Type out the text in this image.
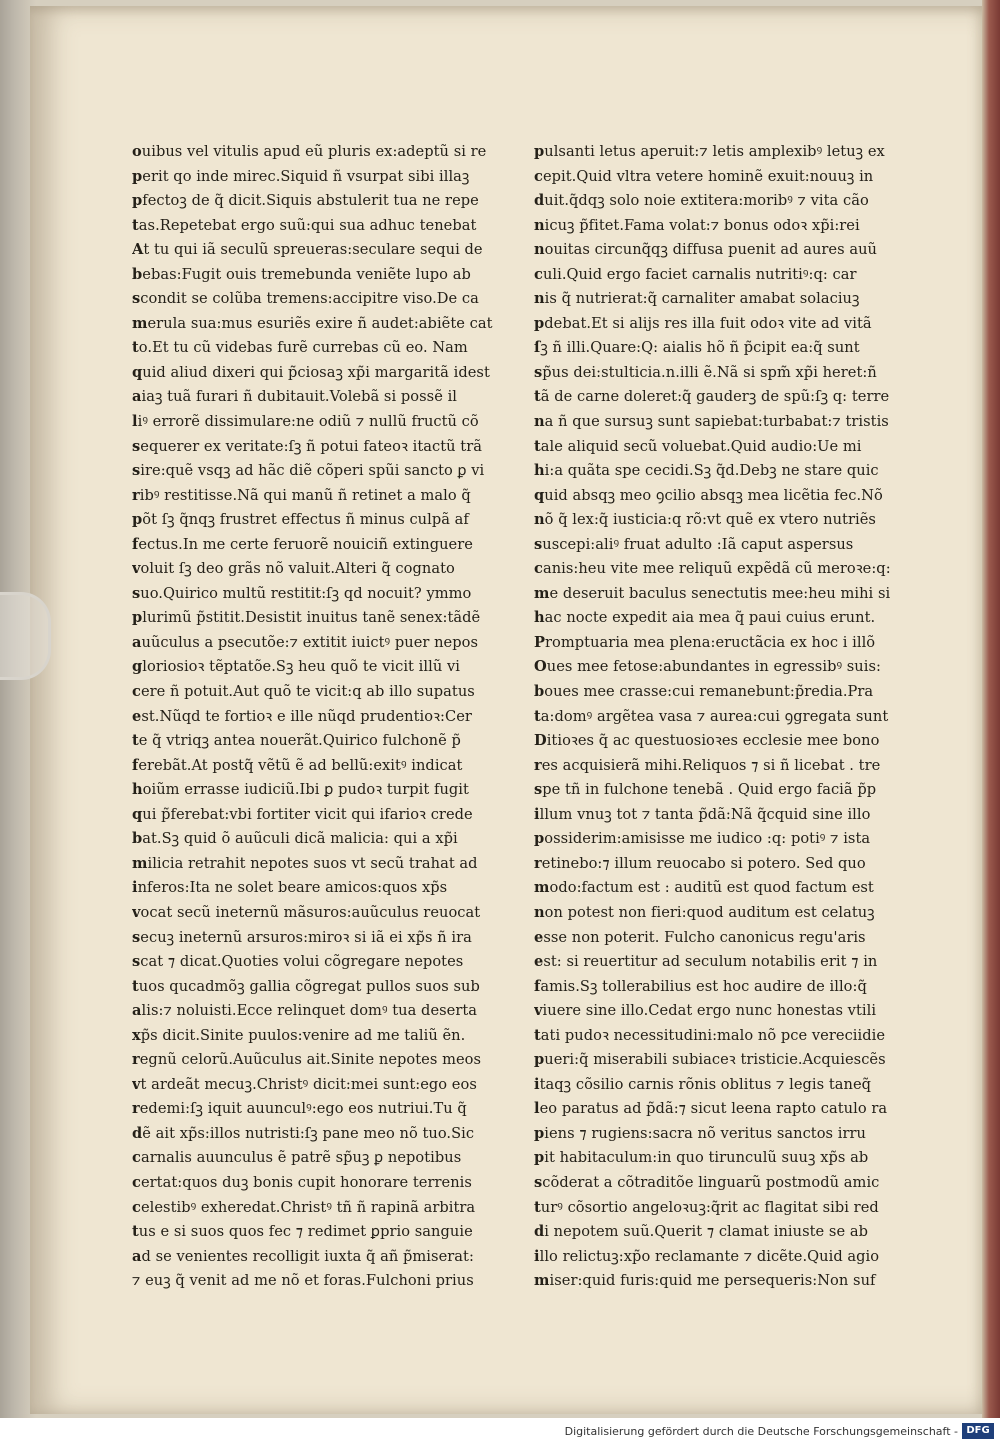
ouibus vel vitulis apud eũ pluris ex:adeptũ si re
perit qo inde mirec.Siquid ñ vsurpat sibi illaꝫ
pfectoꝫ de q̃ dicit.Siquis abstulerit tua ne repe
tas.Repetebat ergo suũ:qui sua adhuc tenebat
At tu qui iã seculũ spreueras:seculare sequi de
bebas:Fugit ouis tremebunda veniẽte lupo ab
scondit se colũba tremens:accipitre viso.De ca
merula sua:mus esuriẽs exire ñ audet:abiẽte cat
to.Et tu cũ videbas furẽ currebas cũ eo. Nam
quid aliud dixeri qui p̃ciosaꝫ xp̃i margaritã idest
aiaꝫ tuã furari ñ dubitauit.Volebã si possẽ il
liꝰ errorẽ dissimulare:ne odiũ ⁊ nullũ fructũ cõ
sequerer ex veritate:ſꝫ ñ potui fateoꝛ itactũ trã
sire:quẽ vsqꝫ ad hãc diẽ cõperi spũi sancto ꝑ vi
ribꝰ restitisse.Nã qui manũ ñ retinet a malo q̃
põt ſꝫ q̃nqꝫ frustret effectus ñ minus culpã af
fectus.In me certe feruorẽ nouiciñ extinguere
voluit ſꝫ deo grãs nõ valuit.Alteri q̃ cognato
suo.Quirico multũ restitit:ſꝫ qd nocuit? ymmo
plurimũ p̃stitit.Desistit inuitus tanẽ senex:tãdẽ
auũculus a psecutõe:⁊ extitit iuictꝰ puer nepos
gloriosioꝛ tẽptatõe.Sꝫ heu quõ te vicit illũ vi
cere ñ potuit.Aut quõ te vicit:q ab illo supatus
est.Nũqd te fortioꝛ e ille nũqd prudentioꝛ:Cer
te q̃ vtriqꝫ antea nouerãt.Quirico fulchonẽ p̃
ferebãt.At postq̃ vẽtũ ẽ ad bellũ:exitꝰ indicat
hoiũm errasse iudiciũ.Ibi ꝑ pudoꝛ turpit fugit
qui p̃ferebat:vbi fortiter vicit qui ifarioꝛ crede
bat.Sꝫ quid õ auũculi dicã malicia: qui a xp̃i
milicia retrahit nepotes suos vt secũ trahat ad
inferos:Ita ne solet beare amicos:quos xp̃s
vocat secũ ineternũ mãsuros:auũculus reuocat
secuꝫ ineternũ arsuros:miroꝛ si iã ei xp̃s ñ ira
scat ⁊ dicat.Quoties volui cõgregare nepotes
tuos qucadmõꝫ gallia cõgregat pullos suos sub
alis:⁊ noluisti.Ecce relinquet domꝰ tua deserta
xp̃s dicit.Sinite puulos:venire ad me taliũ ẽn.
regnũ celorũ.Auũculus ait.Sinite nepotes meos
vt ardeãt mecuꝫ.Christꝰ dicit:mei sunt:ego eos
redemi:ſꝫ iquit auunculꝰ:ego eos nutriui.Tu q̃
dẽ ait xp̃s:illos nutristi:ſꝫ pane meo nõ tuo.Sic
carnalis auunculus ẽ patrẽ sp̃uꝫ ꝑ nepotibus
certat:quos duꝫ bonis cupit honorare terrenis
celestibꝰ exheredat.Christꝰ tñ ñ rapinã arbitra
tus e si suos quos fec ⁊ redimet ꝑprio sanguie
ad se venientes recolligit iuxta q̃ añ p̃miserat:
⁊ euꝫ q̃ venit ad me nõ et foras.Fulchoni prius
pulsanti letus aperuit:⁊ letis amplexibꝰ letuꝫ ex
cepit.Quid vltra vetere hominẽ exuit:nouuꝫ in
duit.q̃dqꝫ solo noie extitera:moribꝰ ⁊ vita cão
nicuꝫ p̃fitet.Fama volat:⁊ bonus odoꝛ xp̃i:rei
nouitas circunq̃qꝫ diffusa puenit ad aures auũ
culi.Quid ergo faciet carnalis nutritiꝰ:q: car
nis q̃ nutrierat:q̃ carnaliter amabat solaciuꝫ
pdebat.Et si alijs res illa fuit odoꝛ vite ad vitã
ſꝫ ñ illi.Quare:Q: aialis hõ ñ p̃cipit ea:q̃ sunt
sp̃us dei:stulticia.n.illi ẽ.Nã si spm̃ xp̃i heret:ñ
tã de carne doleret:q̃ gauderꝫ de spũ:ſꝫ q: terre
na ñ que sursuꝫ sunt sapiebat:turbabat:⁊ tristis
tale aliquid secũ voluebat.Quid audio:Ue mi
hi:a quãta spe cecidi.Sꝫ q̃d.Debꝫ ne stare quic
quid absqꝫ meo ꝯcilio absqꝫ mea licẽtia fec.Nõ
nõ q̃ lex:q̃ iusticia:q rõ:vt quẽ ex vtero nutriẽs
suscepi:aliꝰ fruat adulto :Iã caput aspersus
canis:heu vite mee reliquũ expẽdã cũ meroꝛe:q:
me deseruit baculus senectutis mee:heu mihi si
hac nocte expedit aia mea q̃ paui cuius erunt.
Promptuaria mea plena:eructãcia ex hoc i illõ
Oues mee fetose:abundantes in egressibꝰ suis:
boues mee crasse:cui remanebunt:p̃redia.Pra
ta:domꝰ argẽtea vasa ⁊ aurea:cui ꝯgregata sunt
Ditioꝛes q̃ ac questuosioꝛes ecclesie mee bono
res acquisierã mihi.Reliquos ⁊ si ñ licebat . tre
spe tñ in fulchone tenebã . Quid ergo faciã p̃p
illum vnuꝫ tot ⁊ tanta p̃dã:Nã q̃cquid sine illo
possiderim:amisisse me iudico :q: potiꝰ ⁊ ista
retinebo:⁊ illum reuocabo si potero. Sed quo
modo:factum est : auditũ est quod factum est
non potest non fieri:quod auditum est celatuꝫ
esse non poterit. Fulcho canonicus regu'aris
est: si reuertitur ad seculum notabilis erit ⁊ in
famis.Sꝫ tollerabilius est hoc audire de illo:q̃
viuere sine illo.Cedat ergo nunc honestas vtili
tati pudoꝛ necessitudini:malo nõ pce vereciidie
pueri:q̃ miserabili subiaceꝛ tristicie.Acquiescẽs
itaqꝫ cõsilio carnis rõnis oblitus ⁊ legis taneq̃
leo paratus ad p̃dã:⁊ sicut leena rapto catulo ra
piens ⁊ rugiens:sacra nõ veritus sanctos irru
pit habitaculum:in quo tirunculũ suuꝫ xp̃s ab
scõderat a cõtraditõe linguarũ postmodũ amic
turꝰ cõsortio angeloꝛuꝫ:q̃rit ac flagitat sibi red
di nepotem suũ.Querit ⁊ clamat iniuste se ab
illo relictuꝫ:xp̃o reclamante ⁊ dicẽte.Quid agio
miser:quid furis:quid me persequeris:Non suf
Digitalisierung gefördert durch die Deutsche Forschungsgemeinschaft - DFG
